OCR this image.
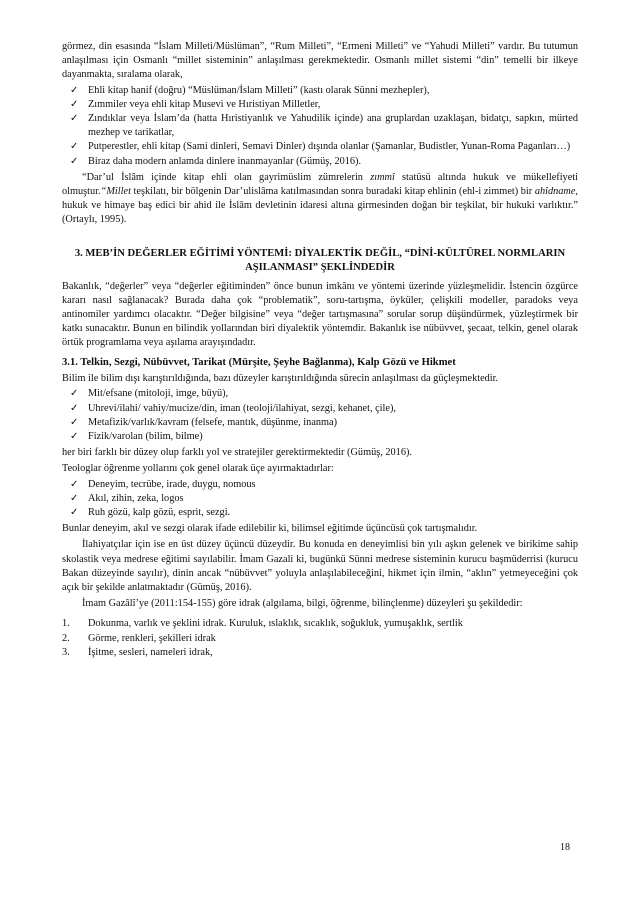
görmez, din esasında “İslam Milleti/Müslüman”, “Rum Milleti”, “Ermeni Milleti” ve “Yahudi Milleti” vardır. Bu tutumun anlaşılması için Osmanlı “millet sisteminin” anlaşılması gerekmektedir. Osmanlı millet sistemi “din” temelli bir ilkeye dayanmakta, sıralama olarak,

✓ Ehli kitap hanif (doğru) “Müslüman/İslam Milleti” (kastı olarak Sünni mezhepler),
✓ Zımmiler veya ehli kitap Musevi ve Hıristiyan Milletler,
✓ Zındıklar veya İslam’da (hatta Hıristiyanlık ve Yahudilik içinde) ana gruplardan uzaklaşan, bidatçı, sapkın, mürted mezhep ve tarikatlar,
✓ Putperestler, ehli kitap (Sami dinleri, Semavi Dinler) dışında olanlar (Şamanlar, Budistler, Yunan-Roma Paganları…)
✓ Biraz daha modern anlamda dinlere inanmayanlar (Gümüş, 2016).

“Dar’ul İslâm içinde kitap ehli olan gayrimüslim zümrelerin zımmî statüsü altında hukuk ve mükellefiyeti olmuştur.“Millet teşkilatı, bir bölgenin Dar’ulislâma katılmasından sonra buradaki kitap ehlinin (ehl-i zimmet) bir ahîdname, hukuk ve himaye baş edici bir ahid ile İslâm devletinin idaresi altına girmesinden doğan bir teşkilat, bir hukuki varlıktır.” (Ortaylı, 1995).

3. MEB’İN DEĞERLER EĞİTİMİ YÖNTEMİ: DİYALEKTİK DEĞİL, “DİNİ-KÜLTÜREL NORMLARIN AŞILANMASI” ŞEKLİNDEDİR

Bakanlık, “değerler” veya “değerler eğitiminden” önce bunun imkânı ve yöntemi üzerinde yüzleşmelidir. İstencin özgürce kararı nasıl sağlanacak? Burada daha çok “problematik”, soru-tartışma, öyküler, çelişkili modeller, paradoks veya antinomiler yardımcı olacaktır. “Değer bilgisine” veya “değer tartışmasına” sorular sorup düşündürmek, yüzleştirmek bir katkı sunacaktır. Bunun en bilindik yollarından biri diyalektik yöntemdir. Bakanlık ise nübüvvet, şecaat, telkin, genel olarak örtük programlama veya aşılama arayışındadır.

3.1. Telkin, Sezgi, Nübüvvet, Tarikat (Mürşite, Şeyhe Bağlanma), Kalp Gözü ve Hikmet

Bilim ile bilim dışı karıştırıldığında, bazı düzeyler karıştırıldığında sürecin anlaşılması da güçleşmektedir.

✓ Mit/efsane (mitoloji, imge, büyü),
✓ Uhrevi/ilahi/ vahiy/mucize/din, iman (teoloji/ilahiyat, sezgi, kehanet, çile),
✓ Metafizik/varlık/kavram (felsefe, mantık, düşünme, inanma)
✓ Fizik/varolan (bilim, bilme)

her biri farklı bir düzey olup farklı yol ve stratejiler gerektirmektedir (Gümüş, 2016).

Teologlar öğrenme yollarını çok genel olarak üçe ayırmaktadırlar:

✓ Deneyim, tecrübe, irade, duygu, nomous
✓ Akıl, zihin, zeka, logos
✓ Ruh gözü, kalp gözü, esprit, sezgi.

Bunlar deneyim, akıl ve sezgi olarak ifade edilebilir ki, bilimsel eğitimde üçüncüsü çok tartışmalıdır.

İlahiyatçılar için ise en üst düzey üçüncü düzeydir. Bu konuda en deneyimlisi bin yılı aşkın gelenek ve birikime sahip skolastik veya medrese eğitimi sayılabilir. İmam Gazali ki, bugünkü Sünni medrese sisteminin kurucu başmüderrisi (kurucu Bakan düzeyinde sayılır), dinin ancak “nübüvvet” yoluyla anlaşılabileceğini, hikmet için ilmin, “aklın” yetmeyeceğini çok açık bir şekilde anlatmaktadır (Gümüş, 2016).

İmam Gazâlî’ye (2011:154-155) göre idrak (algılama, bilgi, öğrenme, bilinçlenme) düzeyleri şu şekildedir:

1. Dokunma, varlık ve şeklini idrak. Kuruluk, ıslaklık, sıcaklık, soğukluk, yumuşaklık, sertlik
2. Görme, renkleri, şekilleri idrak
3. İşitme, sesleri, nameleri idrak,
18
